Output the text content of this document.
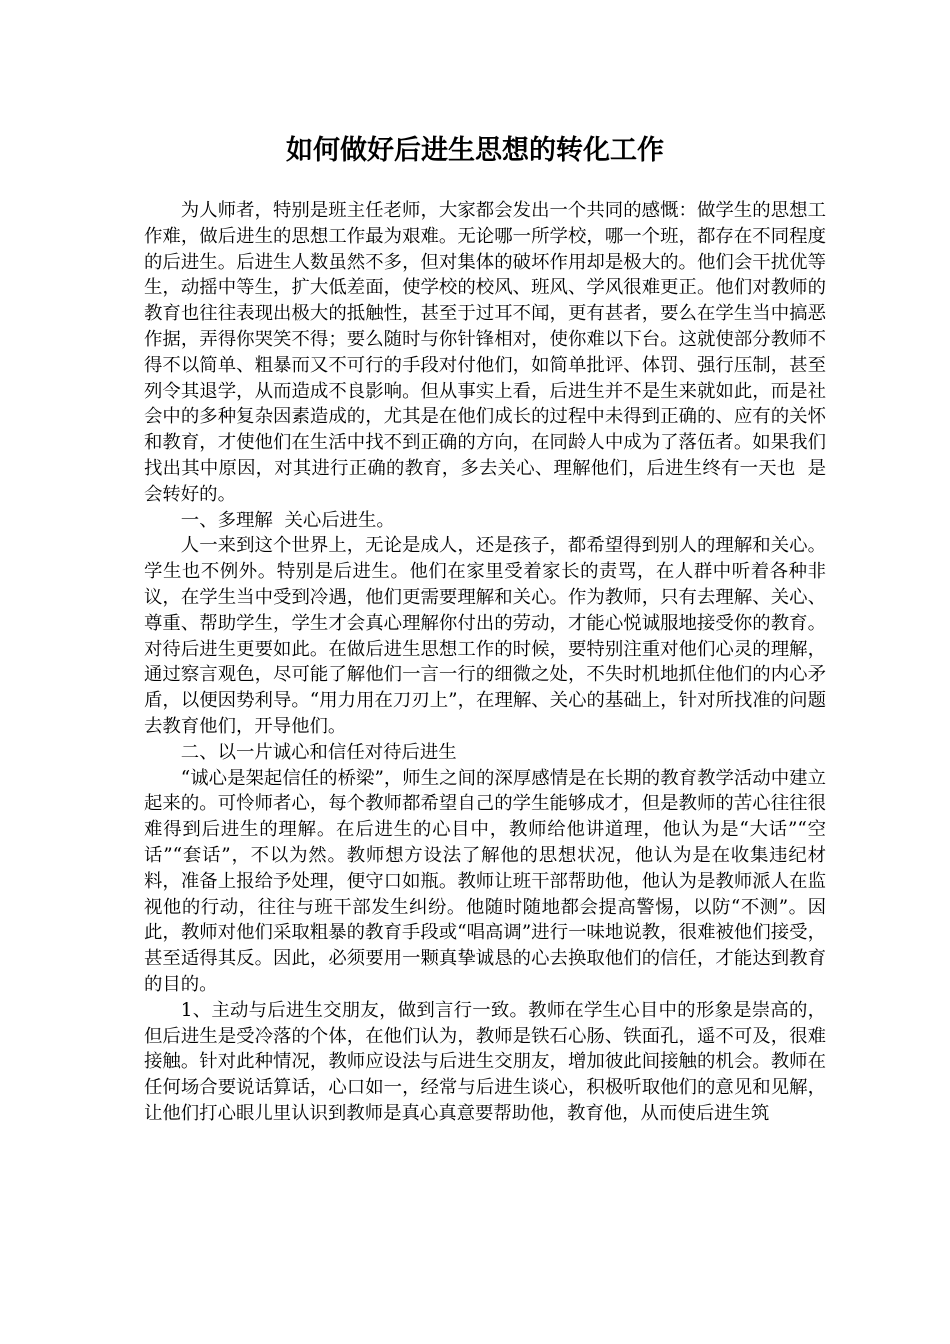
如何做好后进生思想的转化工作

为人师者，特别是班主任老师，大家都会发出一个共同的感慨：做学生的思想工作难，做后进生的思想工作最为艰难。无论哪一所学校，哪一个班，都存在不同程度的后进生。后进生人数虽然不多，但对集体的破坏作用却是极大的。他们会干扰优等生，动摇中等生，扩大低差面，使学校的校风、班风、学风很难更正。他们对教师的教育也往往表现出极大的抵触性，甚至于过耳不闻，更有甚者，要么在学生当中搞恶作据，弄得你哭笑不得；要么随时与你针锋相对，使你难以下台。这就使部分教师不得不以简单、粗暴而又不可行的手段对付他们，如简单批评、体罚、强行压制，甚至列令其退学，从而造成不良影响。但从事实上看，后进生并不是生来就如此，而是社会中的多种复杂因素造成的，尤其是在他们成长的过程中未得到正确的、应有的关怀和教育，才使他们在生活中找不到正确的方向，在同龄人中成为了落伍者。如果我们找出其中原因，对其进行正确的教育，多去关心、理解他们，后进生终有一天也  是会转好的。

一、多理解  关心后进生。

人一来到这个世界上，无论是成人，还是孩子，都希望得到别人的理解和关心。学生也不例外。特别是后进生。他们在家里受着家长的责骂，在人群中听着各种非议，在学生当中受到冷遇，他们更需要理解和关心。作为教师，只有去理解、关心、尊重、帮助学生，学生才会真心理解你付出的劳动，才能心悦诚服地接受你的教育。对待后进生更要如此。在做后进生思想工作的时候，要特别注重对他们心灵的理解，通过察言观色，尽可能了解他们一言一行的细微之处，不失时机地抓住他们的内心矛盾，以便因势利导。“用力用在刀刃上”，在理解、关心的基础上，针对所找准的问题去教育他们，开导他们。

二、以一片诚心和信任对待后进生

“诚心是架起信任的桥梁”，师生之间的深厚感情是在长期的教育教学活动中建立起来的。可怜师者心，每个教师都希望自己的学生能够成才，但是教师的苦心往往很难得到后进生的理解。在后进生的心目中，教师给他讲道理，他认为是“大话”“空话”“套话”，不以为然。教师想方设法了解他的思想状况，他认为是在收集违纪材料，准备上报给予处理，便守口如瓶。教师让班干部帮助他，他认为是教师派人在监视他的行动，往往与班干部发生纠纷。他随时随地都会提高警惕，以防“不测”。因此，教师对他们采取粗暴的教育手段或“唱高调”进行一味地说教，很难被他们接受，甚至适得其反。因此，必须要用一颗真挚诚恳的心去换取他们的信任，才能达到教育的目的。

1、主动与后进生交朋友，做到言行一致。教师在学生心目中的形象是崇高的，但后进生是受冷落的个体，在他们认为，教师是铁石心肠、铁面孔，遥不可及，很难接触。针对此种情况，教师应设法与后进生交朋友，增加彼此间接触的机会。教师在任何场合要说话算话，心口如一，经常与后进生谈心，积极听取他们的意见和见解，让他们打心眼儿里认识到教师是真心真意要帮助他，教育他，从而使后进生筑
